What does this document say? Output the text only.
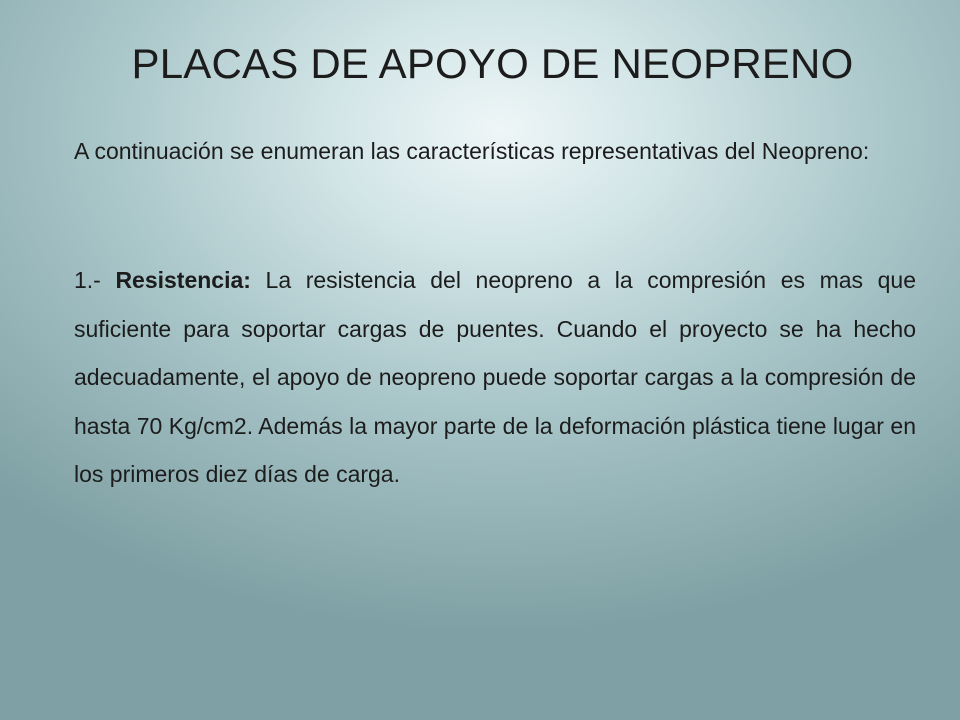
PLACAS DE APOYO DE NEOPRENO

A continuación se enumeran las características representativas del Neopreno:

1.- Resistencia: La resistencia del neopreno a la compresión es mas que suficiente para soportar cargas de puentes. Cuando el proyecto se ha hecho adecuadamente, el apoyo de neopreno puede soportar cargas a la compresión de hasta 70 Kg/cm2. Además la mayor parte de la deformación plástica tiene lugar en los primeros diez días de carga.
